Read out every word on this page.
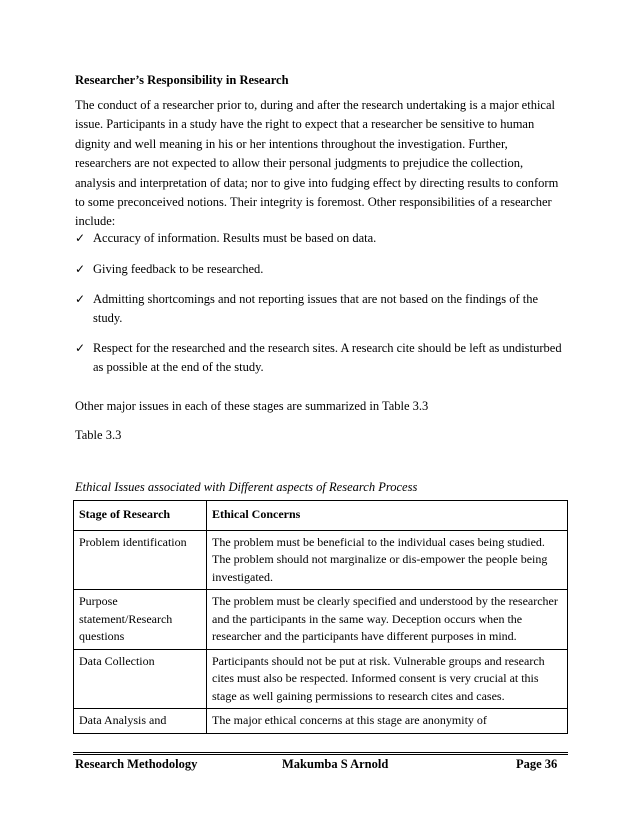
Researcher’s Responsibility in Research
The conduct of a researcher prior to, during and after the research undertaking is a major ethical issue. Participants in a study have the right to expect that a researcher be sensitive to human dignity and well meaning in his or her intentions throughout the investigation. Further, researchers are not expected to allow their personal judgments to prejudice the collection, analysis and interpretation of data; nor to give into fudging effect by directing results to conform to some preconceived notions. Their integrity is foremost. Other responsibilities of a researcher include:
✓ Accuracy of information. Results must be based on data.
✓ Giving feedback to be researched.
✓ Admitting shortcomings and not reporting issues that are not based on the findings of the study.
✓ Respect for the researched and the research sites. A research cite should be left as undisturbed as possible at the end of the study.
Other major issues in each of these stages are summarized in Table 3.3
Table 3.3
Ethical Issues associated with Different aspects of Research Process
Stage of Research	Ethical Concerns
Problem identification	The problem must be beneficial to the individual cases being studied. The problem should not marginalize or dis-empower the people being investigated.
Purpose statement/Research questions	The problem must be clearly specified and understood by the researcher and the participants in the same way. Deception occurs when the researcher and the participants have different purposes in mind.
Data Collection	Participants should not be put at risk. Vulnerable groups and research cites must also be respected. Informed consent is very crucial at this stage as well gaining permissions to research cites and cases.
Data Analysis and	The major ethical concerns at this stage are anonymity of
Research Methodology	Makumba S Arnold	Page 36
